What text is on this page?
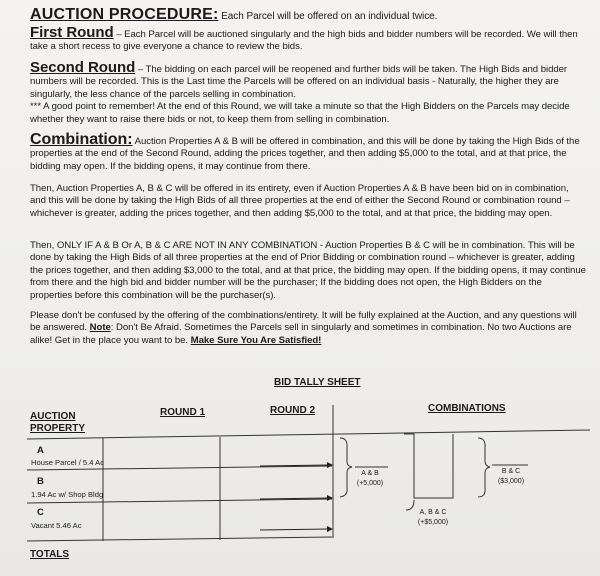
AUCTION PROCEDURE: Each Parcel will be offered on an individual twice.
First Round – Each Parcel will be auctioned singularly and the high bids and bidder numbers will be recorded. We will then take a short recess to give everyone a chance to review the bids.
Second Round – The bidding on each parcel will be reopened and further bids will be taken. The High Bids and bidder numbers will be recorded. This is the Last time the Parcels will be offered on an individual basis - Naturally, the higher they are singularly, the less chance of the parcels selling in combination.

*** A good point to remember! At the end of this Round, we will take a minute so that the High Bidders on the Parcels may decide whether they want to raise there bids or not, to keep them from selling in combination.

Combination: Auction Properties A & B will be offered in combination, and this will be done by taking the High Bids of the properties at the end of the Second Round, adding the prices together, and then adding $5,000 to the total, and at that price, the bidding may open. If the bidding opens, it may continue from there.

Then, Auction Properties A, B & C will be offered in its entirety, even if Auction Properties A & B have been bid on in combination, and this will be done by taking the High Bids of all three properties at the end of either the Second Round or combination round – whichever is greater, adding the prices together, and then adding $5,000 to the total, and at that price, the bidding may open.

Then, ONLY IF A & B Or A, B & C ARE NOT IN ANY COMBINATION - Auction Properties B & C will be in combination. This will be done by taking the High Bids of all three properties at the end of Prior Bidding or combination round – whichever is greater, adding the prices together, and then adding $3,000 to the total, and at that price, the bidding may open. If the bidding opens, it may continue from there and the high bid and bidder number will be the purchaser; If the bidding does not open, the High Bidders on the properties before this combination will be the purchaser(s).

Please don't be confused by the offering of the combinations/entirety. It will be fully explained at the Auction, and any questions will be answered. Note: Don't Be Afraid. Sometimes the Parcels sell in singularly and sometimes in combination. No two Auctions are alike! Get in the place you want to be. Make Sure You Are Satisfied!

BID TALLY SHEET
AUCTION
PROPERTY
ROUND 1	ROUND 2	COMBINATIONS
A & B
(+5,000)
B & C
($3,000)
A, B & C
(+$5,000)
A
House Parcel / 5.4 Ac
B
1.94 Ac w/ Shop Bldg
C
Vacant 5.46 Ac
TOTALS
